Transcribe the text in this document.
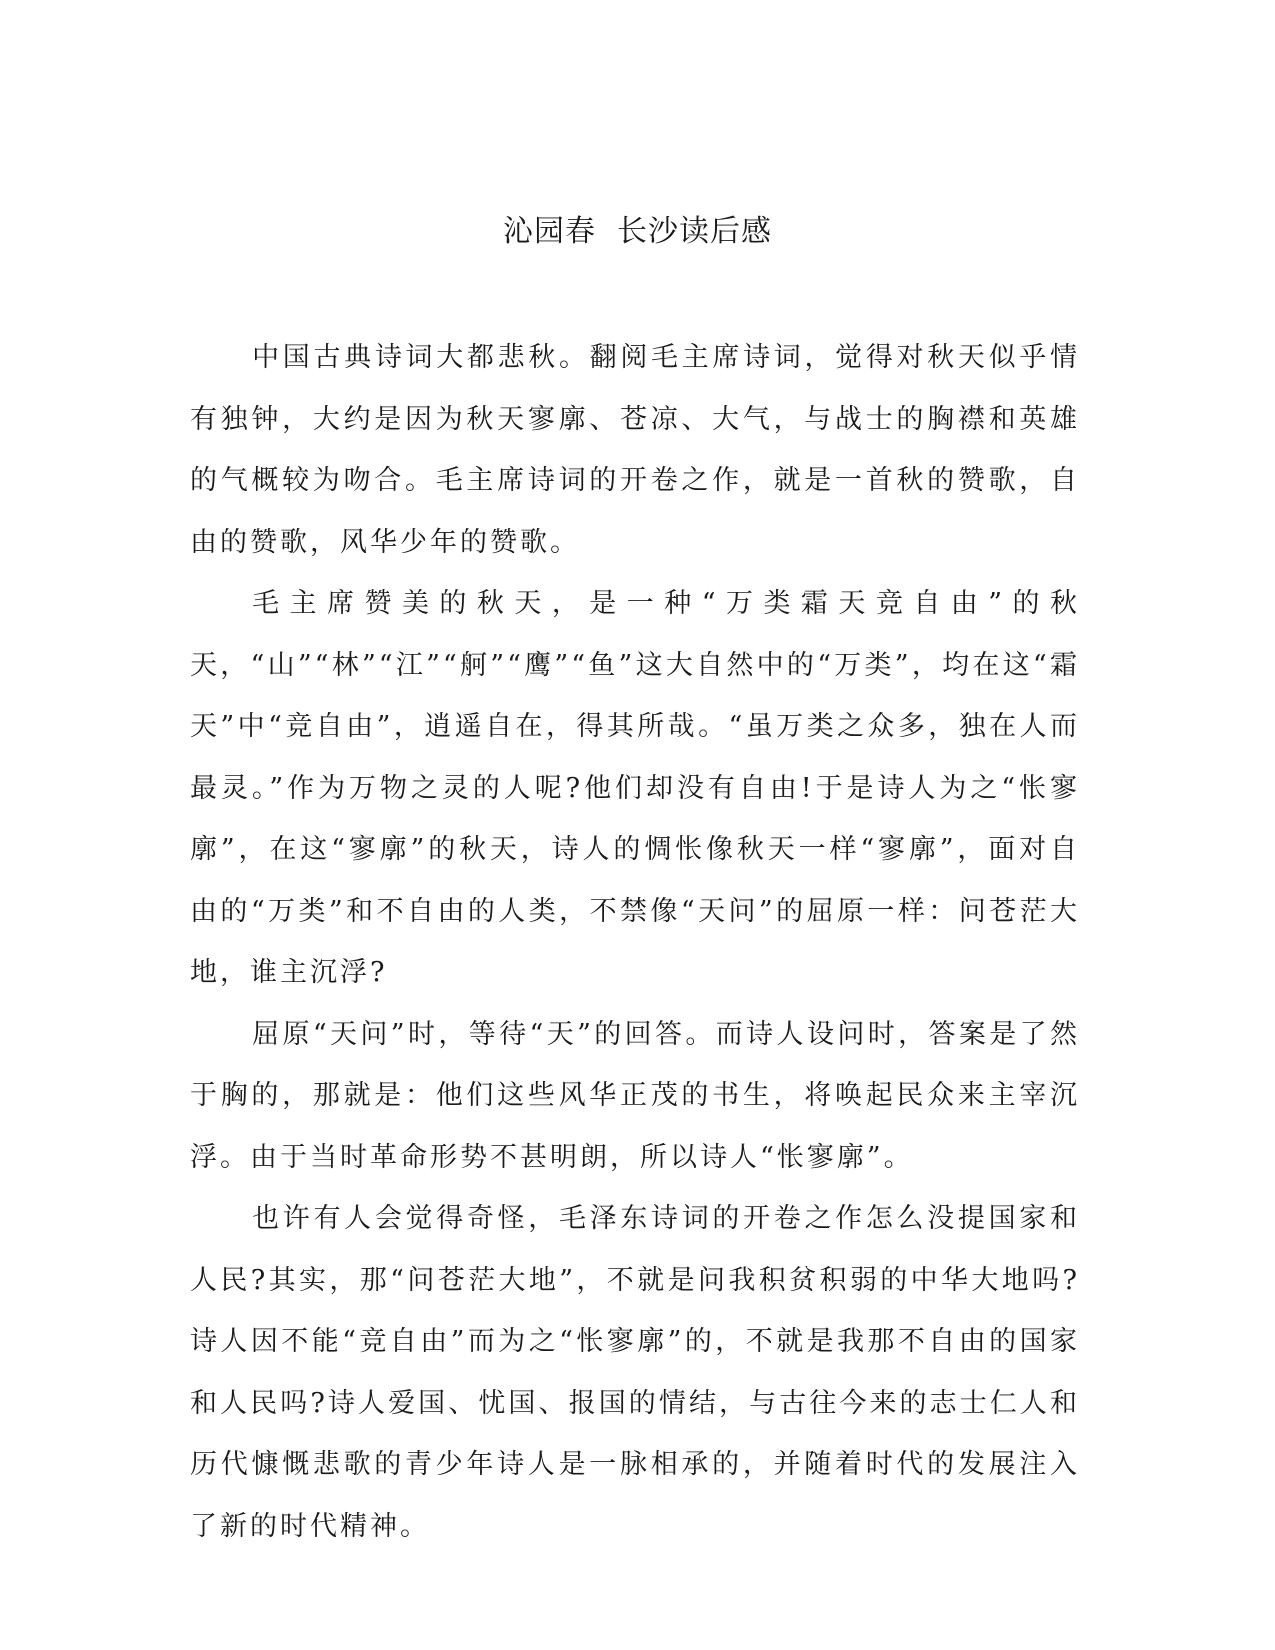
沁园春  长沙读后感

中国古典诗词大都悲秋。翻阅毛主席诗词，觉得对秋天似乎情有独钟，大约是因为秋天寥廓、苍凉、大气，与战士的胸襟和英雄的气概较为吻合。毛主席诗词的开卷之作，就是一首秋的赞歌，自由的赞歌，风华少年的赞歌。

毛主席赞美的秋天，是一种“万类霜天竞自由”的秋天，“山”“林”“江”“舸”“鹰”“鱼”这大自然中的“万类”，均在这“霜天”中“竞自由”，逍遥自在，得其所哉。“虽万类之众多，独在人而最灵。”作为万物之灵的人呢?他们却没有自由!于是诗人为之“怅寥廓”，在这“寥廓”的秋天，诗人的惆怅像秋天一样“寥廓”，面对自由的“万类”和不自由的人类，不禁像“天问”的屈原一样：问苍茫大地，谁主沉浮?

屈原“天问”时，等待“天”的回答。而诗人设问时，答案是了然于胸的，那就是：他们这些风华正茂的书生，将唤起民众来主宰沉浮。由于当时革命形势不甚明朗，所以诗人“怅寥廓”。

也许有人会觉得奇怪，毛泽东诗词的开卷之作怎么没提国家和人民?其实，那“问苍茫大地”，不就是问我积贫积弱的中华大地吗?诗人因不能“竞自由”而为之“怅寥廓”的，不就是我那不自由的国家和人民吗?诗人爱国、忧国、报国的情结，与古往今来的志士仁人和历代慷慨悲歌的青少年诗人是一脉相承的，并随着时代的发展注入了新的时代精神。
